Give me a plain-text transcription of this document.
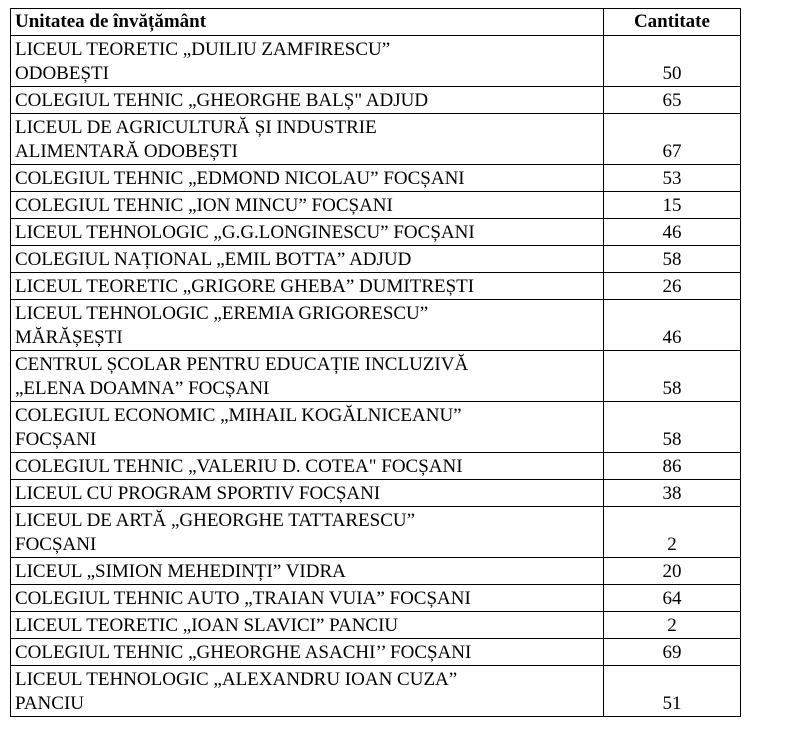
Unitatea de învățământ	Cantitate

LICEUL TEORETIC „DUILIU ZAMFIRESCU”
ODOBEȘTI	50

COLEGIUL TEHNIC „GHEORGHE BALȘ" ADJUD	65

LICEUL DE AGRICULTURĂ ȘI INDUSTRIE
ALIMENTARĂ ODOBEȘTI	67

COLEGIUL TEHNIC „EDMOND NICOLAU” FOCȘANI	53

COLEGIUL TEHNIC „ION MINCU” FOCȘANI	15

LICEUL TEHNOLOGIC „G.G.LONGINESCU” FOCȘANI	46

COLEGIUL NAȚIONAL „EMIL BOTTA” ADJUD	58

LICEUL TEORETIC „GRIGORE GHEBA” DUMITREȘTI	26

LICEUL TEHNOLOGIC „EREMIA GRIGORESCU”
MĂRĂȘEȘTI	46

CENTRUL ȘCOLAR PENTRU EDUCAȚIE INCLUZIVĂ
„ELENA DOAMNA” FOCȘANI	58

COLEGIUL ECONOMIC „MIHAIL KOGĂLNICEANU”
FOCȘANI	58

COLEGIUL TEHNIC „VALERIU D. COTEA" FOCȘANI	86

LICEUL CU PROGRAM SPORTIV FOCȘANI	38

LICEUL DE ARTĂ „GHEORGHE TATTARESCU”
FOCȘANI	2

LICEUL „SIMION MEHEDINȚI” VIDRA	20

COLEGIUL TEHNIC AUTO „TRAIAN VUIA” FOCȘANI	64

LICEUL TEORETIC „IOAN SLAVICI” PANCIU	2

COLEGIUL TEHNIC „GHEORGHE ASACHI’’ FOCȘANI	69

LICEUL TEHNOLOGIC „ALEXANDRU IOAN CUZA”
PANCIU	51
